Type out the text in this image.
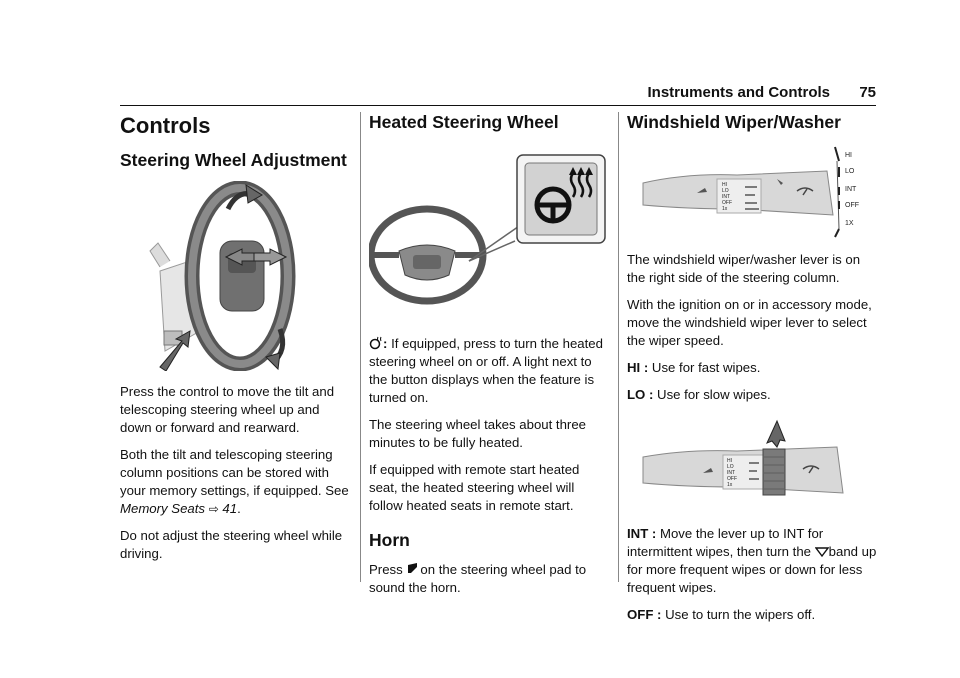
Instruments and Controls 75
Controls
Steering Wheel Adjustment

Press the control to move the tilt and telescoping steering wheel up and down or forward and rearward.

Both the tilt and telescoping steering column positions can be stored with your memory settings, if equipped. See Memory Seats ⇨ 41.

Do not adjust the steering wheel while driving.

Heated Steering Wheel

: If equipped, press to turn the heated steering wheel on or off. A light next to the button displays when the feature is turned on.

The steering wheel takes about three minutes to be fully heated.

If equipped with remote start heated seat, the heated steering wheel will follow heated seats in remote start.

Horn

Press on the steering wheel pad to sound the horn.

Windshield Wiper/Washer
HI
LO
INT
OFF
1x
HI
LO
INT
OFF
1X

The windshield wiper/washer lever is on the right side of the steering column.

With the ignition on or in accessory mode, move the windshield wiper lever to select the wiper speed.

HI : Use for fast wipes.

LO : Use for slow wipes.

HI
LO
INT
OFF
1x

INT : Move the lever up to INT for intermittent wipes, then turn the band up for more frequent wipes or down for less frequent wipes.

OFF : Use to turn the wipers off.
